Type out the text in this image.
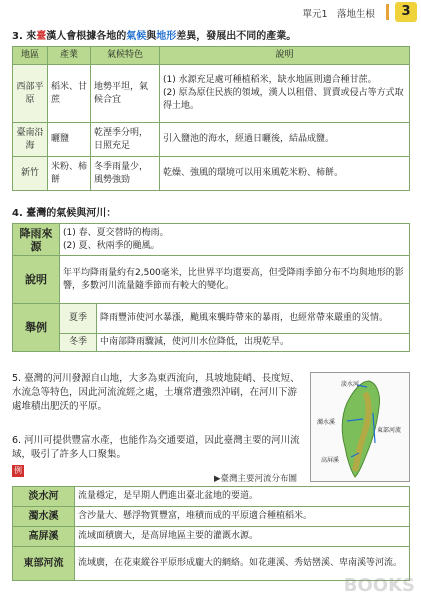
單元1　落地生根	3
3. 來臺漢人會根據各地的氣候與地形差異，發展出不同的產業。
地區	產業	氣候特色	說明
西部平原	稻米、甘蔗	地勢平坦，氣候合宜	(1) 水源充足處可種植稻米，缺水地區則適合種甘蔗。
(2) 原為原住民族的領域，漢人以租借、買賣或侵占等方式取得土地。
臺南沿海	曬鹽	乾溼季分明，日照充足	引入鹽池的海水，經過日曬後，結晶成鹽。
新竹	米粉、柿餅	冬季雨量少，風勢強勁	乾燥、強風的環境可以用來風乾米粉、柿餅。
4. 臺灣的氣候與河川：
降雨來源	(1) 春、夏交替時的梅雨。
(2) 夏、秋兩季的颱風。	

說明	年平均降雨量約有2,500毫米，比世界平均還要高，但受降雨季節分布不均與地形的影響，多數河川流量隨季節而有較大的變化。	
舉例	夏季	降雨豐沛使河水暴漲，颱風來襲時帶來的暴雨，也經常帶來嚴重的災情。
	冬季	中南部降雨驟減，使河川水位降低，出現乾旱。
5. 臺灣的河川發源自山地，大多為東西流向，具坡地陡峭、長度短、水流急等特色，因此河流流經之處，土壤常遭強烈沖刷，在河川下游處堆積出肥沃的平原。
6. 河川可提供豐富水產，也能作為交通要道，因此臺灣主要的河川流域，吸引了許多人口聚集。
淡水河
濁水溪
高屏溪
東部河流
例
▶臺灣主要河流分布圖
淡水河	流量穩定，是早期人們進出臺北盆地的要道。
濁水溪	含沙量大、懸浮物質豐富，堆積而成的平原適合種植稻米。
高屏溪	流域面積廣大，是高屏地區主要的灌溉水源。
東部河流	流域廣，在花東縱谷平原形成龐大的網絡。如花蓮溪、秀姑巒溪、卑南溪等河流。
BOOKS
